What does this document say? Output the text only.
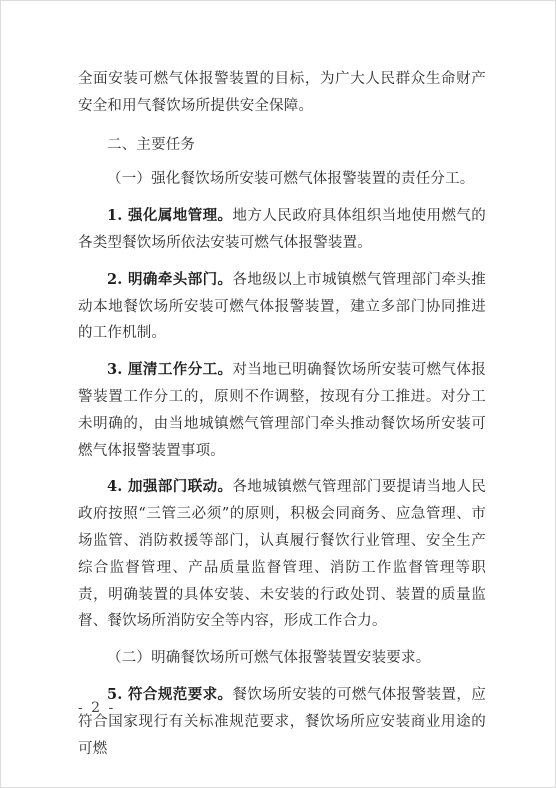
全面安装可燃气体报警装置的目标，为广大人民群众生命财产安全和用气餐饮场所提供安全保障。

二、主要任务

（一）强化餐饮场所安装可燃气体报警装置的责任分工。

1. 强化属地管理。地方人民政府具体组织当地使用燃气的各类型餐饮场所依法安装可燃气体报警装置。

2. 明确牵头部门。各地级以上市城镇燃气管理部门牵头推动本地餐饮场所安装可燃气体报警装置，建立多部门协同推进的工作机制。

3. 厘清工作分工。对当地已明确餐饮场所安装可燃气体报警装置工作分工的，原则不作调整，按现有分工推进。对分工未明确的，由当地城镇燃气管理部门牵头推动餐饮场所安装可燃气体报警装置事项。

4. 加强部门联动。各地城镇燃气管理部门要提请当地人民政府按照“三管三必须”的原则，积极会同商务、应急管理、市场监管、消防救援等部门，认真履行餐饮行业管理、安全生产综合监督管理、产品质量监督管理、消防工作监督管理等职责，明确装置的具体安装、未安装的行政处罚、装置的质量监督、餐饮场所消防安全等内容，形成工作合力。

（二）明确餐饮场所可燃气体报警装置安装要求。

5. 符合规范要求。餐饮场所安装的可燃气体报警装置，应符合国家现行有关标准规范要求，餐饮场所应安装商业用途的可燃

- 2 -
